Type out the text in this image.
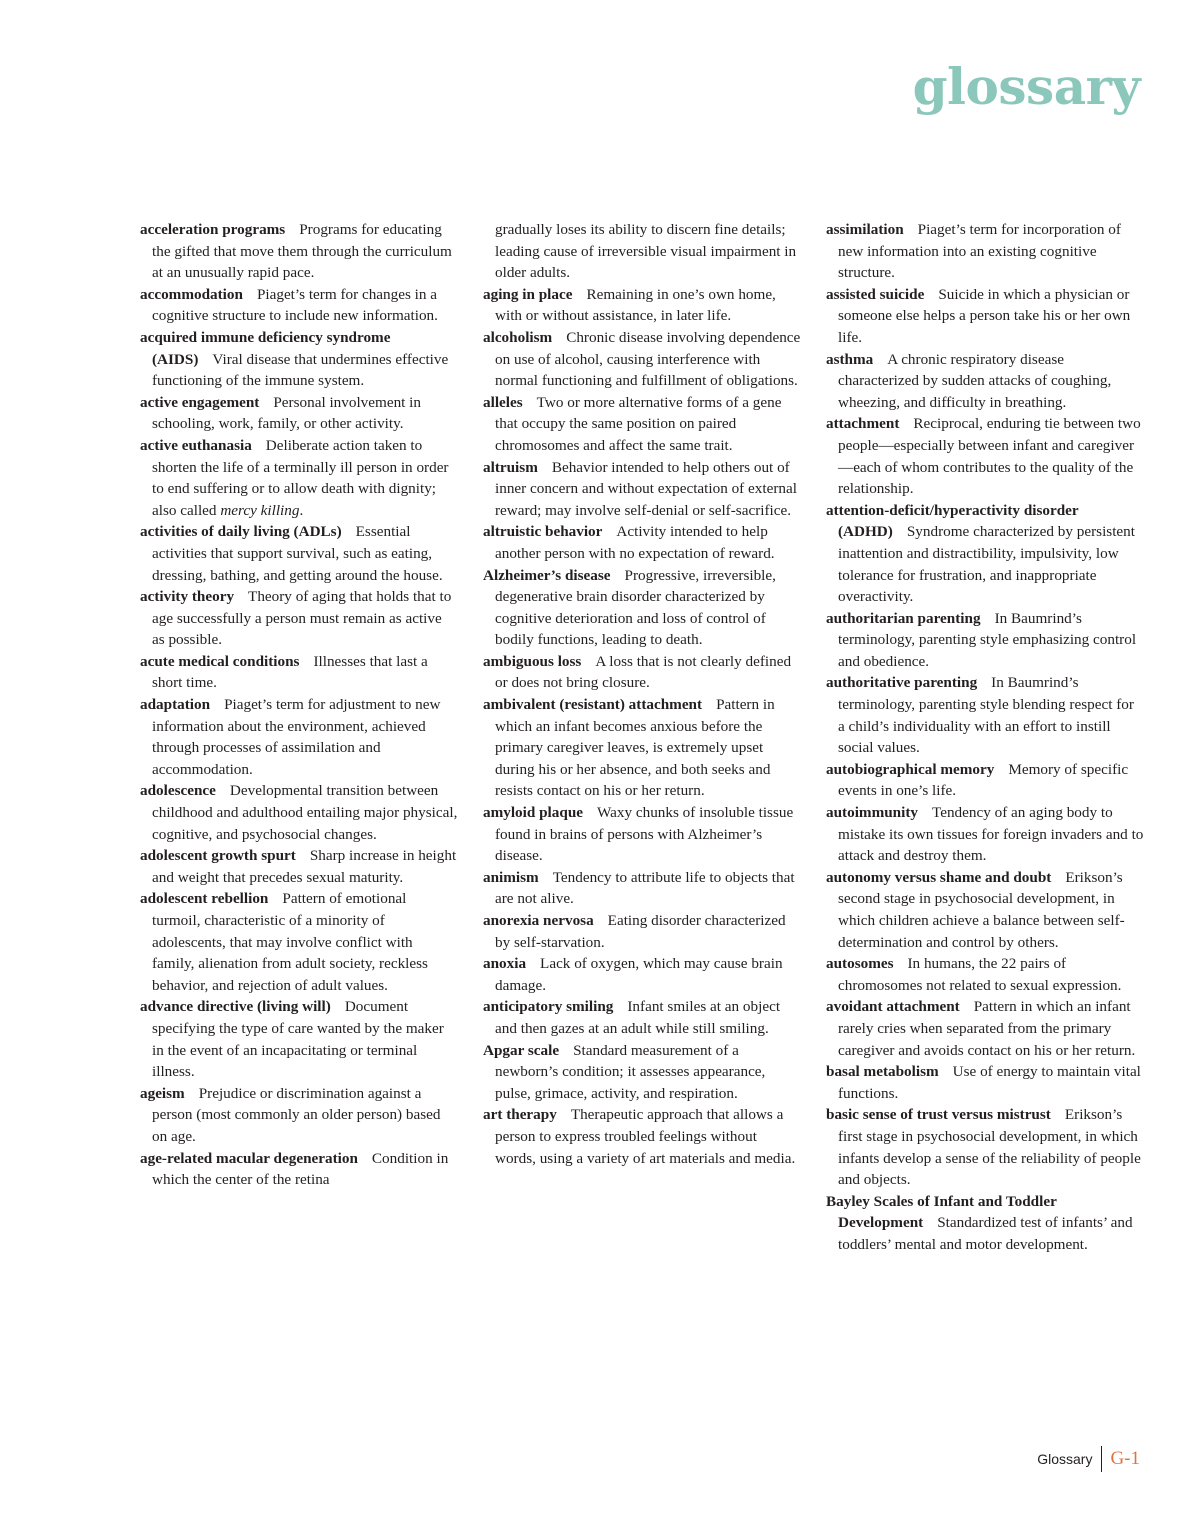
glossary
acceleration programs Programs for educating the gifted that move them through the curriculum at an unusually rapid pace.
accommodation Piaget’s term for changes in a cognitive structure to include new information.
acquired immune deficiency syndrome (AIDS) Viral disease that undermines effective functioning of the immune system.
active engagement Personal involvement in schooling, work, family, or other activity.
active euthanasia Deliberate action taken to shorten the life of a terminally ill person in order to end suffering or to allow death with dignity; also called mercy killing.
activities of daily living (ADLs) Essential activities that support survival, such as eating, dressing, bathing, and getting around the house.
activity theory Theory of aging that holds that to age successfully a person must remain as active as possible.
acute medical conditions Illnesses that last a short time.
adaptation Piaget’s term for adjustment to new information about the environment, achieved through processes of assimilation and accommodation.
adolescence Developmental transition between childhood and adulthood entailing major physical, cognitive, and psychosocial changes.
adolescent growth spurt Sharp increase in height and weight that precedes sexual maturity.
adolescent rebellion Pattern of emotional turmoil, characteristic of a minority of adolescents, that may involve conflict with family, alienation from adult society, reckless behavior, and rejection of adult values.
advance directive (living will) Document specifying the type of care wanted by the maker in the event of an incapacitating or terminal illness.
ageism Prejudice or discrimination against a person (most commonly an older person) based on age.
age-related macular degeneration Condition in which the center of the retina
gradually loses its ability to discern fine details; leading cause of irreversible visual impairment in older adults.
aging in place Remaining in one’s own home, with or without assistance, in later life.
alcoholism Chronic disease involving dependence on use of alcohol, causing interference with normal functioning and fulfillment of obligations.
alleles Two or more alternative forms of a gene that occupy the same position on paired chromosomes and affect the same trait.
altruism Behavior intended to help others out of inner concern and without expectation of external reward; may involve self-denial or self-sacrifice.
altruistic behavior Activity intended to help another person with no expectation of reward.
Alzheimer’s disease Progressive, irreversible, degenerative brain disorder characterized by cognitive deterioration and loss of control of bodily functions, leading to death.
ambiguous loss A loss that is not clearly defined or does not bring closure.
ambivalent (resistant) attachment Pattern in which an infant becomes anxious before the primary caregiver leaves, is extremely upset during his or her absence, and both seeks and resists contact on his or her return.
amyloid plaque Waxy chunks of insoluble tissue found in brains of persons with Alzheimer’s disease.
animism Tendency to attribute life to objects that are not alive.
anorexia nervosa Eating disorder characterized by self-starvation.
anoxia Lack of oxygen, which may cause brain damage.
anticipatory smiling Infant smiles at an object and then gazes at an adult while still smiling.
Apgar scale Standard measurement of a newborn’s condition; it assesses appearance, pulse, grimace, activity, and respiration.
art therapy Therapeutic approach that allows a person to express troubled feelings without words, using a variety of art materials and media.
assimilation Piaget’s term for incorporation of new information into an existing cognitive structure.
assisted suicide Suicide in which a physician or someone else helps a person take his or her own life.
asthma A chronic respiratory disease characterized by sudden attacks of coughing, wheezing, and difficulty in breathing.
attachment Reciprocal, enduring tie between two people—especially between infant and caregiver—each of whom contributes to the quality of the relationship.
attention-deficit/hyperactivity disorder (ADHD) Syndrome characterized by persistent inattention and distractibility, impulsivity, low tolerance for frustration, and inappropriate overactivity.
authoritarian parenting In Baumrind’s terminology, parenting style emphasizing control and obedience.
authoritative parenting In Baumrind’s terminology, parenting style blending respect for a child’s individuality with an effort to instill social values.
autobiographical memory Memory of specific events in one’s life.
autoimmunity Tendency of an aging body to mistake its own tissues for foreign invaders and to attack and destroy them.
autonomy versus shame and doubt Erikson’s second stage in psychosocial development, in which children achieve a balance between self-determination and control by others.
autosomes In humans, the 22 pairs of chromosomes not related to sexual expression.
avoidant attachment Pattern in which an infant rarely cries when separated from the primary caregiver and avoids contact on his or her return.
basal metabolism Use of energy to maintain vital functions.
basic sense of trust versus mistrust Erikson’s first stage in psychosocial development, in which infants develop a sense of the reliability of people and objects.
Bayley Scales of Infant and Toddler Development Standardized test of infants’ and toddlers’ mental and motor development.
Glossary G-1
